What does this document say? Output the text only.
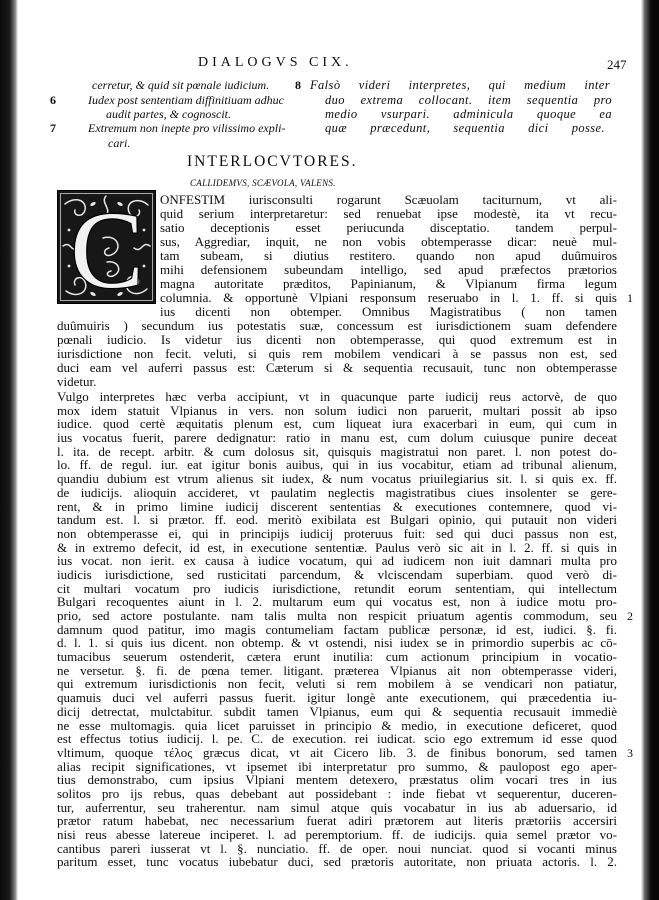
DIALOGVS CIX.	247
cerretur, & quid sit pœnale iudicium.
6	Iudex post sententiam diffinitiuam adhuc
audit partes, & cognoscit.
7	Extremum non inepte pro vilissimo expli-
cari.
8 Falsò videri interpretes, qui medium inter
duo extrema collocant. item sequentia pro
medio vsurpari. adminicula quoque ea
quæ præcedunt, sequentia dici posse.
INTERLOCVTORES.
CALLIDEMVS, SCÆVOLA, VALENS.
C	ONFESTIM iurisconsulti rogarunt Scæuolam taciturnum, vt ali-
quid serium interpretaretur: sed renuebat ipse modestè, ita vt recu-
satio deceptionis esset periucunda disceptatio. tandem perpul-
sus, Aggrediar, inquit, ne non vobis obtemperasse dicar: neuè mul-
tam subeam, si diutius restitero. quando non apud duûmuiros
mihi defensionem subeundam intelligo, sed apud præfectos prætorios
magna autoritate præditos, Papinianum, & Vlpianum firma legum
columnia. & opportunè Vlpiani responsum reseruabo in l. 1. ff. si quis
ius dicenti non obtemper. Omnibus Magistratibus ( non tamen
duûmuiris ) secundum ius potestatis suæ, concessum est iurisdictionem suam defendere
pœnali iudicio. Is videtur ius dicenti non obtemperasse, qui quod extremum est in
iurisdictione non fecit. veluti, si quis rem mobilem vendicari à se passus non est, sed
duci eam vel auferri passus est: Cæterum si & sequentia recusauit, tunc non obtemperasse
videtur.
Vulgo interpretes hæc verba accipiunt, vt in quacunque parte iudicij reus actorvè, de quo
mox idem statuit Vlpianus in vers. non solum iudici non paruerit, multari possit ab ipso
iudice. quod certè æquitatis plenum est, cum liqueat iura exacerbari in eum, qui cum in
ius vocatus fuerit, parere dedignatur: ratio in manu est, cum dolum cuiusque punire deceat
l. ita. de recept. arbitr. & cum dolosus sit, quisquis magistratui non paret. l. non potest do-
lo. ff. de regul. iur. eat igitur bonis auibus, qui in ius vocabitur, etiam ad tribunal alienum,
quandiu dubium est vtrum alienus sit iudex, & num vocatus priuilegiarius sit. l. si quis ex. ff.
de iudicijs. alioquin accideret, vt paulatim neglectis magistratibus ciues insolenter se gere-
rent, & in primo limine iudicij discerent sententias & executiones contemnere, quod vi-
tandum est. l. si prætor. ff. eod. meritò exibilata est Bulgari opinio, qui putauit non videri
non obtemperasse ei, qui in principijs iudicij proteruus fuit: sed qui duci passus non est,
& in extremo defecit, id est, in executione sententiæ. Paulus verò sic ait in l. 2. ff. si quis in
ius vocat. non ierit. ex causa à iudice vocatum, qui ad iudicem non iuit damnari multa pro
iudicis iurisdictione, sed rusticitati parcendum, & vlciscendam superbiam. quod verò di-
cit multari vocatum pro iudicis iurisdictione, retundit eorum sententiam, qui intellectum
Bulgari recoquentes aiunt in l. 2. multarum eum qui vocatus est, non à iudice motu pro-
prio, sed actore postulante. nam talis multa non respicit priuatum agentis commodum, seu
damnum quod patitur, imo magis contumeliam factam publicæ personæ, id est, iudici. §. fi.
d. l. 1. si quis ius dicent. non obtemp. & vt ostendi, nisi iudex se in primordio superbis ac cō-
tumacibus seuerum ostenderit, cætera erunt inutilia: cum actionum principium in vocatio-
ne versetur. §. fi. de pœna temer. litigant. præterea Vlpianus ait non obtemperasse videri,
qui extremum iurisdictionis non fecit, veluti si rem mobilem à se vendicari non patiatur,
quamuis duci vel auferri passus fuerit. igitur longè ante executionem, qui præcedentia iu-
dicij detrectat, mulctabitur. subdit tamen Vlpianus, eum qui & sequentia recusauit immediè
ne esse multomagis. quia licet paruisset in principio & medio, in executione deficeret, quod
est effectus totius iudicij. l. pe. C. de execution. rei iudicat. scio ego extremum id esse quod
vltimum, quoque τέλος græcus dicat, vt ait Cicero lib. 3. de finibus bonorum, sed tamen
alias recipit significationes, vt ipsemet ibi interpretatur pro summo, & paulopost ego aper-
tius demonstrabo, cum ipsius Vlpiani mentem detexero, præstatus olim vocari tres in ius
solitos pro ijs rebus, quas debebant aut possidebant : inde fiebat vt sequerentur, duceren-
tur, auferrentur, seu traherentur. nam simul atque quis vocabatur in ius ab aduersario, id
prætor ratum habebat, nec necessarium fuerat adiri prætorem aut literis prætoriis accersiri
nisi reus abesse latereue inciperet. l. ad peremptorium. ff. de iudicijs. quia semel prætor vo-
cantibus pareri iusserat vt l. §. nunciatio. ff. de oper. noui nunciat. quod si vocanti minus
paritum esset, tunc vocatus iubebatur duci, sed prætoris autoritate, non priuata actoris. l. 2.
1
2
3
